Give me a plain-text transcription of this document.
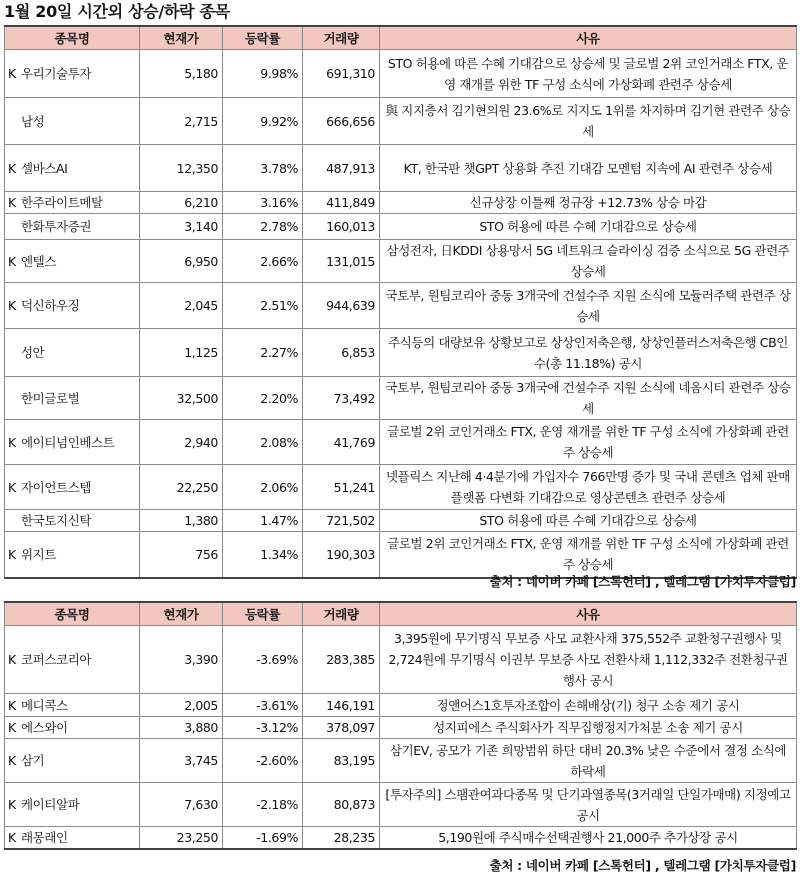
1월 20일 시간외 상승/하락 종목
종목명	현재가	등락률	거래량	사유
K 우리기술투자	5,180	9.98%	691,310	STO 허용에 따른 수혜 기대감으로 상승세 및 글로벌 2위 코인거래소 FTX, 운영 재개를 위한 TF 구성 소식에 가상화폐 관련주 상승세
남성	2,715	9.92%	666,656	與 지지층서 김기현의원 23.6%로 지지도 1위를 차지하며 김기현 관련주 상승세
K 셀바스AI	12,350	3.78%	487,913	KT, 한국판 챗GPT 상용화 추진 기대감 모멘텀 지속에 AI 관련주 상승세
K 한주라이트메탈	6,210	3.16%	411,849	신규상장 이틀째 정규장 +12.73% 상승 마감
한화투자증권	3,140	2.78%	160,013	STO 허용에 따른 수혜 기대감으로 상승세
K 엔텔스	6,950	2.66%	131,015	삼성전자, 日KDDI 상용망서 5G 네트워크 슬라이싱 검증 소식으로 5G 관련주 상승세
K 덕신하우징	2,045	2.51%	944,639	국토부, 원팀코리아 중동 3개국에 건설수주 지원 소식에 모듈러주택 관련주 상승세
성안	1,125	2.27%	6,853	주식등의 대량보유 상황보고로 상상인저축은행, 상상인플러스저축은행 CB인수(총 11.18%) 공시
한미글로벌	32,500	2.20%	73,492	국토부, 원팀코리아 중동 3개국에 건설수주 지원 소식에 네옴시티 관련주 상승세
K 에이티넘인베스트	2,940	2.08%	41,769	글로벌 2위 코인거래소 FTX, 운영 재개를 위한 TF 구성 소식에 가상화폐 관련주 상승세
K 자이언트스텝	22,250	2.06%	51,241	넷플릭스 지난해 4·4분기에 가입자수 766만명 증가 및 국내 콘텐츠 업체 판매 플랫폼 다변화 기대감으로 영상콘텐츠 관련주 상승세
한국토지신탁	1,380	1.47%	721,502	STO 허용에 따른 수혜 기대감으로 상승세
K 위지트	756	1.34%	190,303	글로벌 2위 코인거래소 FTX, 운영 재개를 위한 TF 구성 소식에 가상화폐 관련주 상승세
출처 : 네이버 카페 [스톡헌터] , 텔레그램 [가치투자클럽]
종목명	현재가	등락률	거래량	사유
K 코퍼스코리아	3,390	-3.69%	283,385	3,395원에 무기명식 무보증 사모 교환사채 375,552주 교환청구권행사 및 2,724원에 무기명식 이권부 무보증 사모 전환사채 1,112,332주 전환청구권행사 공시
K 메디콕스	2,005	-3.61%	146,191	정앤어스1호투자조합이 손해배상(기) 청구 소송 제기 공시
K 에스와이	3,880	-3.12%	378,097	성지피에스 주식회사가 직무집행정지가처분 소송 제기 공시
K 삼기	3,745	-2.60%	83,195	삼기EV, 공모가 기존 희망범위 하단 대비 20.3% 낮은 수준에서 결정 소식에 하락세
K 케이티알파	7,630	-2.18%	80,873	[투자주의] 스팸관여과다종목 및 단기과열종목(3거래일 단일가매매) 지정예고 공시
K 래몽래인	23,250	-1.69%	28,235	5,190원에 주식매수선택권행사 21,000주 추가상장 공시
출처 : 네이버 카페 [스톡헌터] , 텔레그램 [가치투자클럽]
